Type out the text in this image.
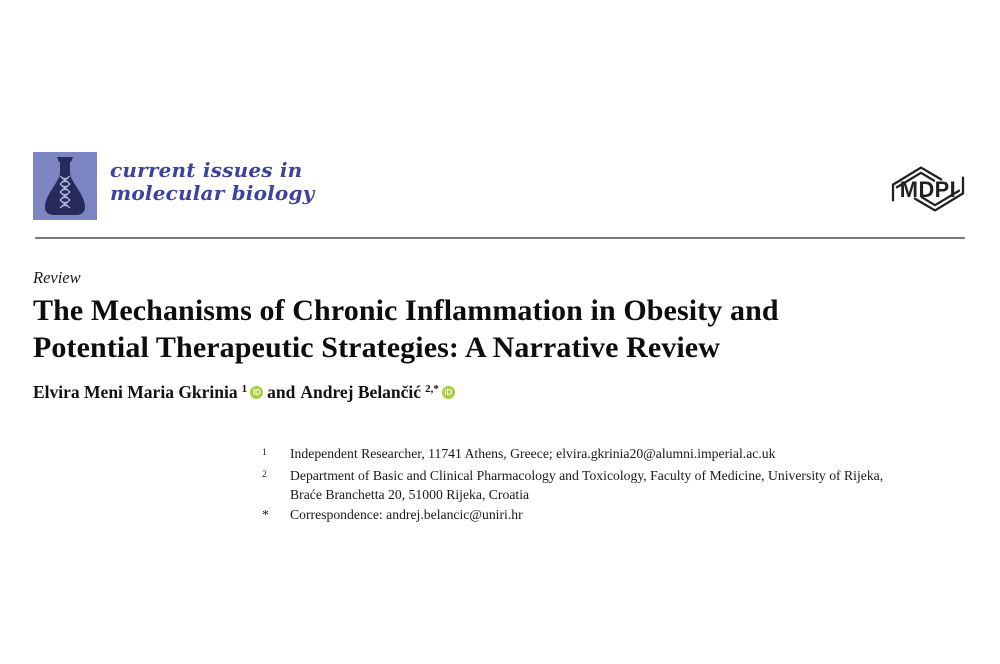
current issues in
molecular biology	MDPI
Review
The Mechanisms of Chronic Inflammation in Obesity and
Potential Therapeutic Strategies: A Narrative Review
Elvira Meni Maria Gkrinia $^1$ iD and Andrej Belančić $^{2,*}$ iD
$^1$	Independent Researcher, 11741 Athens, Greece; elvira.gkrinia20@alumni.imperial.ac.uk
$^2$	Department of Basic and Clinical Pharmacology and Toxicology, Faculty of Medicine, University of Rijeka,
Braće Branchetta 20, 51000 Rijeka, Croatia
*	Correspondence: andrej.belancic@uniri.hr
